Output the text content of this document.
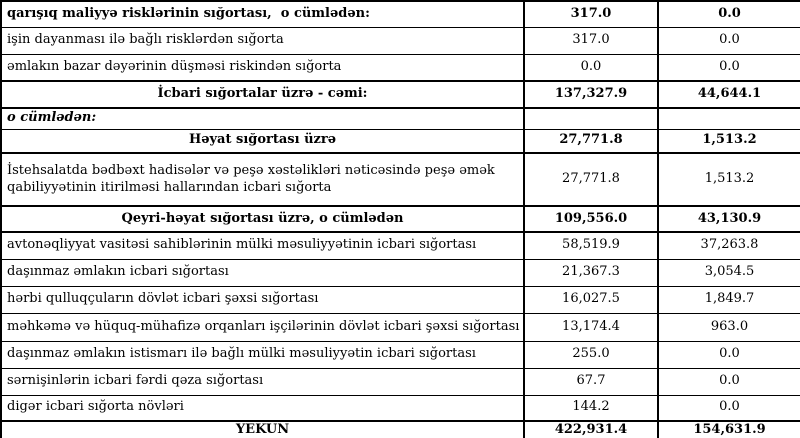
qarışıq maliyyə risklərinin sığortası,  o cümlədən:	317.0	0.0
işin dayanması ilə bağlı risklərdən sığorta	317.0	0.0
əmlakın bazar dəyərinin düşməsi riskindən sığorta	0.0	0.0
İcbari sığortalar üzrə - cəmi:	137,327.9	44,644.1
o cümlədən:		
Həyat sığortası üzrə	27,771.8	1,513.2
İstehsalatda bədbəxt hadisələr və peşə xəstəlikləri nəticəsində peşə əmək qabiliyyətinin itirilməsi hallarından icbari sığorta	27,771.8	1,513.2
Qeyri-həyat sığortası üzrə, o cümlədən	109,556.0	43,130.9
avtonəqliyyat vasitəsi sahiblərinin mülki məsuliyyətinin icbari sığortası	58,519.9	37,263.8
daşınmaz əmlakın icbari sığortası	21,367.3	3,054.5
hərbi qulluqçuların dövlət icbari şəxsi sığortası	16,027.5	1,849.7
məhkəmə və hüquq-mühafizə orqanları işçilərinin dövlət icbari şəxsi sığortası	13,174.4	963.0
daşınmaz əmlakın istismarı ilə bağlı mülki məsuliyyətin icbari sığortası	255.0	0.0
sərnişinlərin icbari fərdi qəza sığortası	67.7	0.0
digər icbari sığorta növləri	144.2	0.0
YEKUN	422,931.4	154,631.9
